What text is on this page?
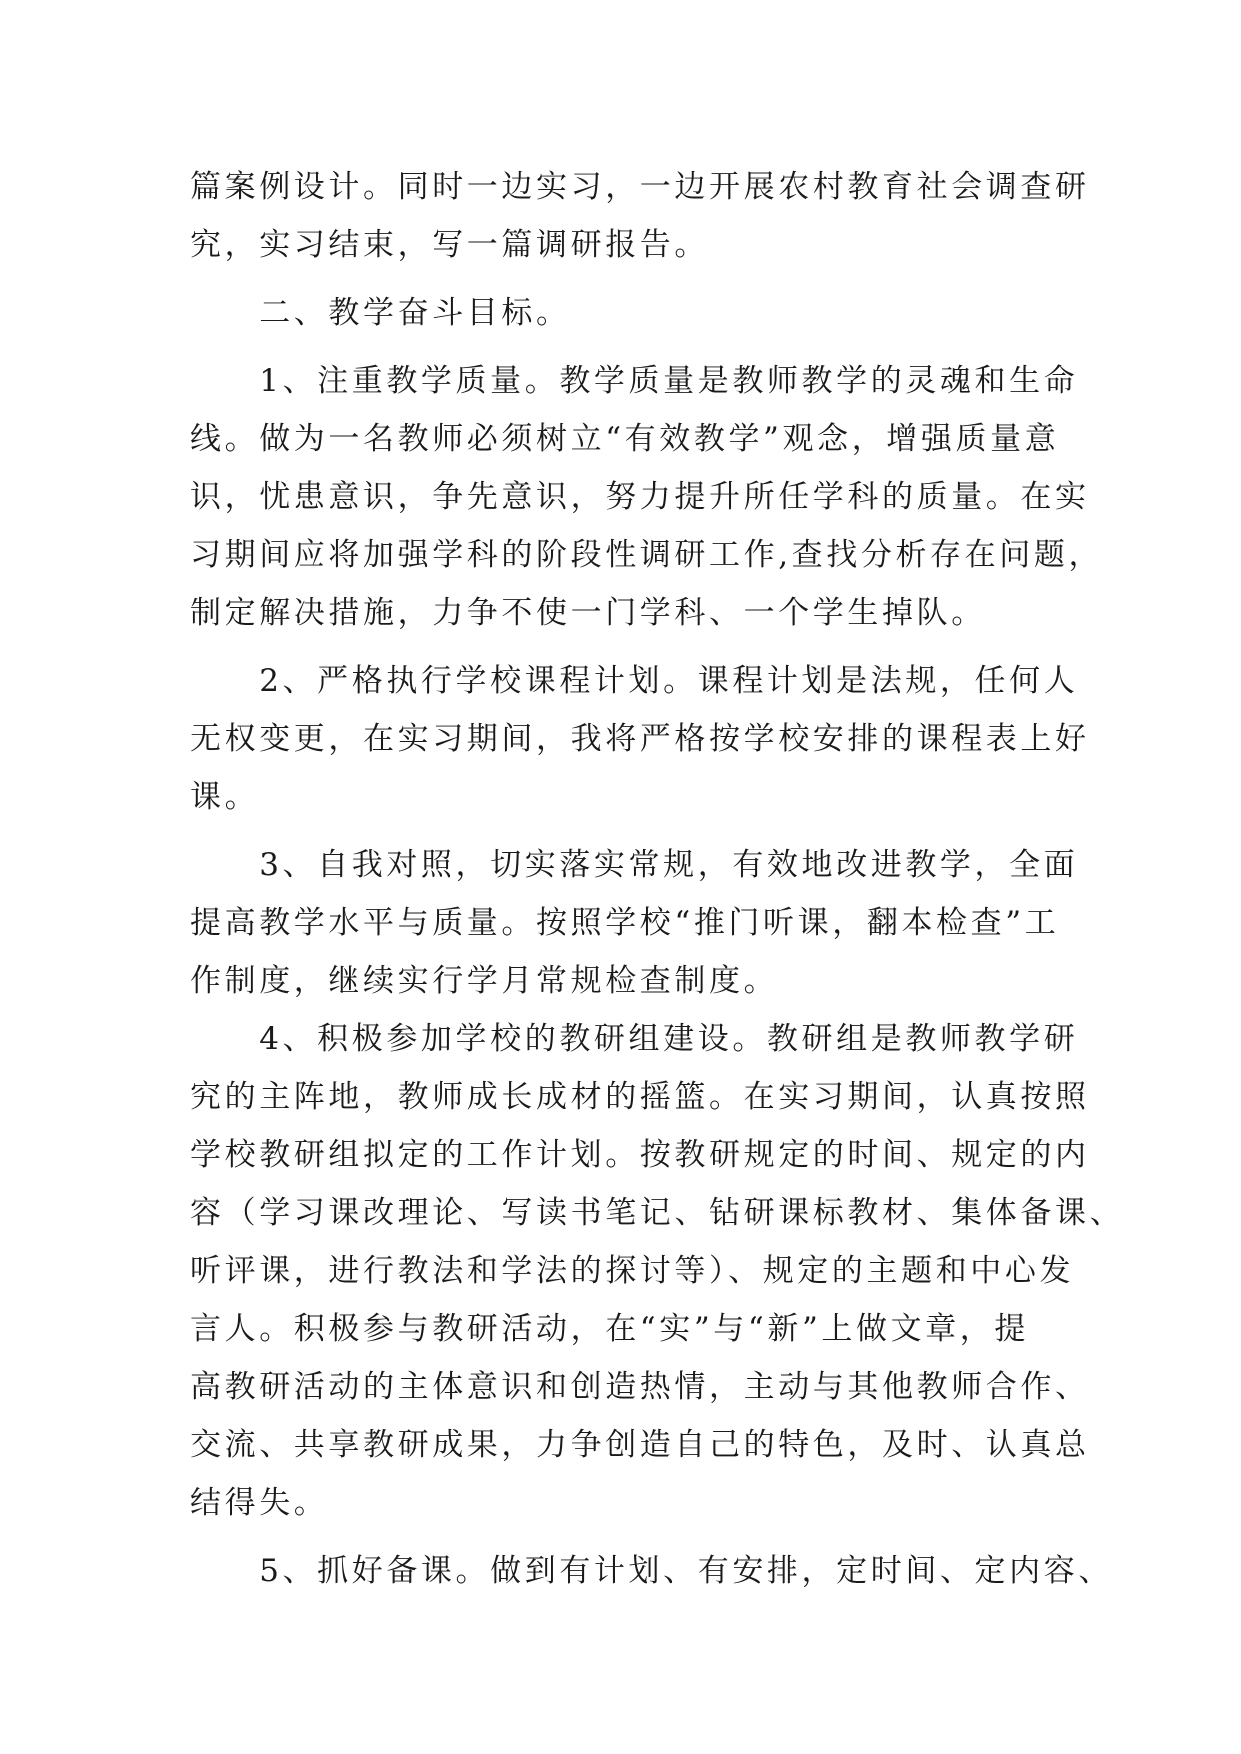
篇案例设计。同时一边实习，一边开展农村教育社会调查研
究，实习结束，写一篇调研报告。
　　二、教学奋斗目标。
　　1、注重教学质量。教学质量是教师教学的灵魂和生命
线。做为一名教师必须树立“有效教学”观念，增强质量意
识，忧患意识，争先意识，努力提升所任学科的质量。在实
习期间应将加强学科的阶段性调研工作,查找分析存在问题，
制定解决措施，力争不使一门学科、一个学生掉队。
　　2、严格执行学校课程计划。课程计划是法规，任何人
无权变更，在实习期间，我将严格按学校安排的课程表上好
课。
　　3、自我对照，切实落实常规，有效地改进教学，全面
提高教学水平与质量。按照学校“推门听课，翻本检查”工
作制度，继续实行学月常规检查制度。
　　4、积极参加学校的教研组建设。教研组是教师教学研
究的主阵地，教师成长成材的摇篮。在实习期间，认真按照
学校教研组拟定的工作计划。按教研规定的时间、规定的内
容（学习课改理论、写读书笔记、钻研课标教材、集体备课、
听评课，进行教法和学法的探讨等）、规定的主题和中心发
言人。积极参与教研活动，在“实”与“新”上做文章，提
高教研活动的主体意识和创造热情，主动与其他教师合作、
交流、共享教研成果，力争创造自己的特色，及时、认真总
结得失。
　　5、抓好备课。做到有计划、有安排，定时间、定内容、
